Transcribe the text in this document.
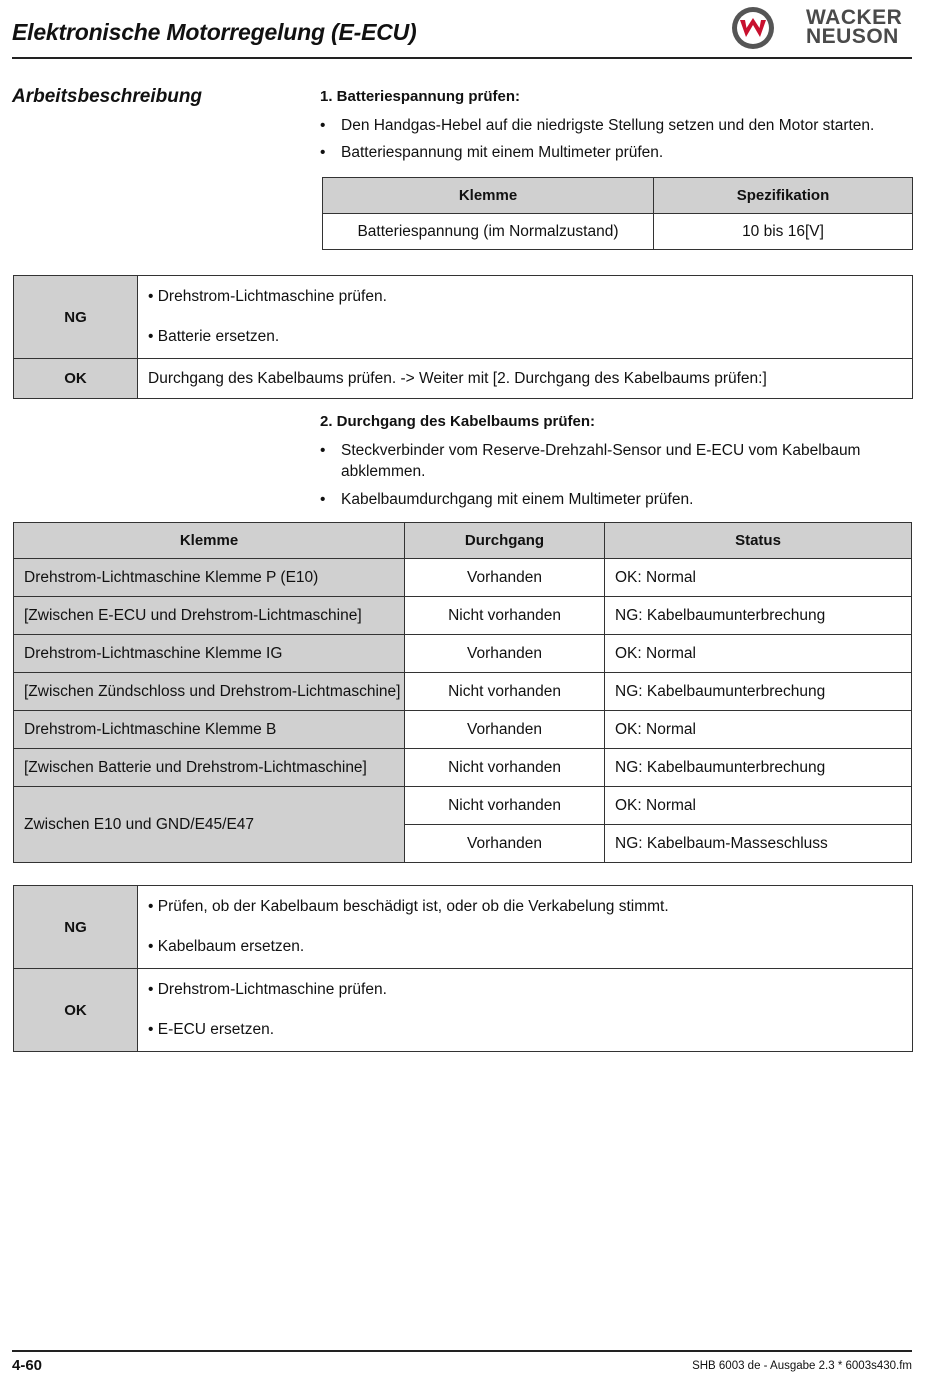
Elektronische Motorregelung (E-ECU)
WACKER
NEUSON
Arbeitsbeschreibung	1. Batteriespannung prüfen:
•	Den Handgas-Hebel auf die niedrigste Stellung setzen und den Motor starten.
•	Batteriespannung mit einem Multimeter prüfen.
Klemme	Spezifikation
Batteriespannung (im Normalzustand)	10 bis 16[V]
NG	• Drehstrom-Lichtmaschine prüfen.
• Batterie ersetzen.

OK	Durchgang des Kabelbaums prüfen. -> Weiter mit [2. Durchgang des Kabelbaums prüfen:]
2. Durchgang des Kabelbaums prüfen:
•	Steckverbinder vom Reserve-Drehzahl-Sensor und E-ECU vom Kabelbaum abklemmen.
•	Kabelbaumdurchgang mit einem Multimeter prüfen.
Klemme	Durchgang	Status
Drehstrom-Lichtmaschine Klemme P (E10)	Vorhanden	OK: Normal
[Zwischen E-ECU und Drehstrom-Lichtmaschine]	Nicht vorhanden	NG: Kabelbaumunterbrechung
Drehstrom-Lichtmaschine Klemme IG	Vorhanden	OK: Normal
[Zwischen Zündschloss und Drehstrom-Lichtmaschine]	Nicht vorhanden	NG: Kabelbaumunterbrechung
Drehstrom-Lichtmaschine Klemme B	Vorhanden	OK: Normal
[Zwischen Batterie und Drehstrom-Lichtmaschine]	Nicht vorhanden	NG: Kabelbaumunterbrechung
Zwischen E10 und GND/E45/E47	Nicht vorhanden	OK: Normal
	Vorhanden	NG: Kabelbaum-Masseschluss
NG	• Prüfen, ob der Kabelbaum beschädigt ist, oder ob die Verkabelung stimmt.
• Kabelbaum ersetzen.

OK	• Drehstrom-Lichtmaschine prüfen.
• E-ECU ersetzen.
4-60	SHB 6003 de - Ausgabe 2.3 * 6003s430.fm
